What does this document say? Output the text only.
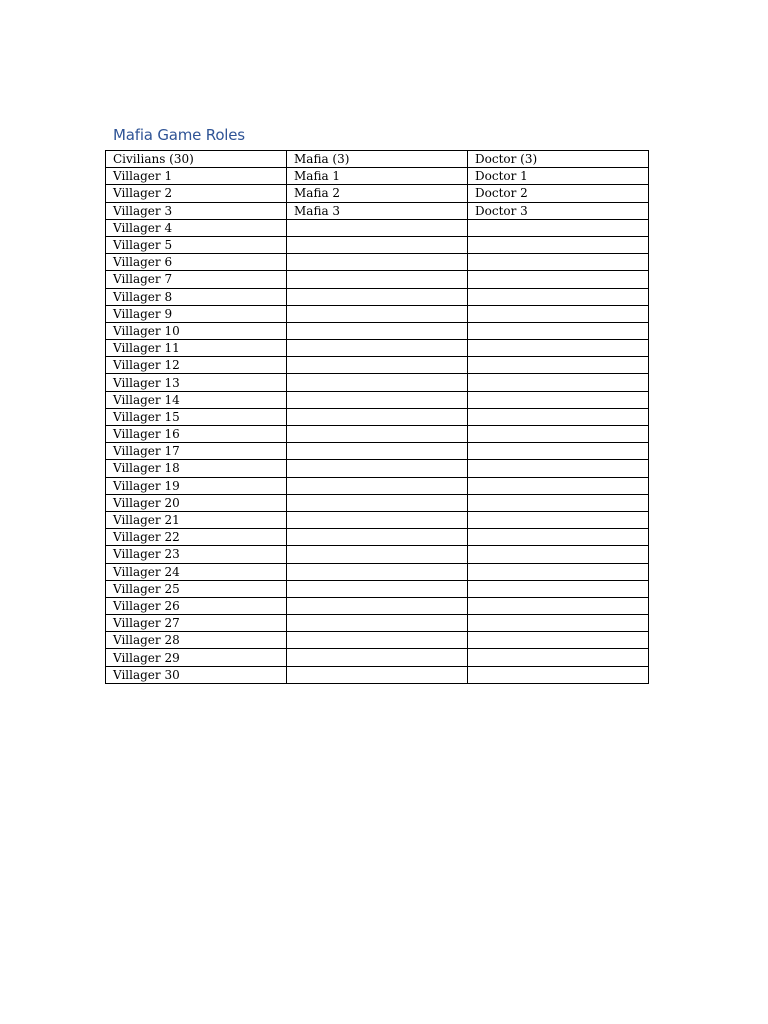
Mafia Game Roles
Civilians (30)	Mafia (3)	Doctor (3)
Villager 1	Mafia 1	Doctor 1
Villager 2	Mafia 2	Doctor 2
Villager 3	Mafia 3	Doctor 3
Villager 4		
Villager 5		
Villager 6		
Villager 7		
Villager 8		
Villager 9		
Villager 10		
Villager 11		
Villager 12		
Villager 13		
Villager 14		
Villager 15		
Villager 16		
Villager 17		
Villager 18		
Villager 19		
Villager 20		
Villager 21		
Villager 22		
Villager 23		
Villager 24		
Villager 25		
Villager 26		
Villager 27		
Villager 28		
Villager 29		
Villager 30		
